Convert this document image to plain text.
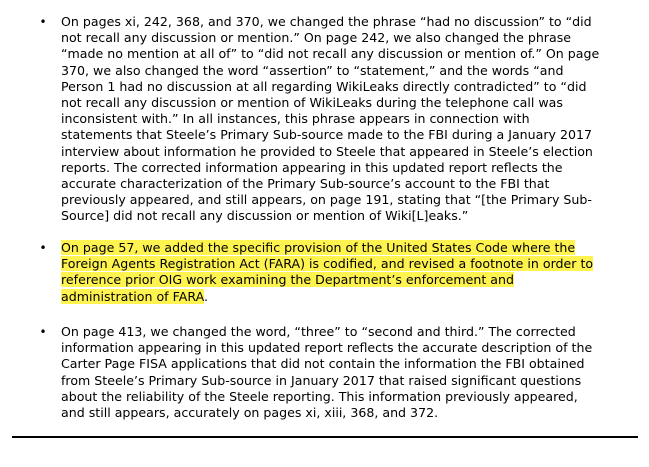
• On pages xi, 242, 368, and 370, we changed the phrase “had no discussion” to “did
not recall any discussion or mention.” On page 242, we also changed the phrase
“made no mention at all of” to “did not recall any discussion or mention of.” On page
370, we also changed the word “assertion” to “statement,” and the words “and
Person 1 had no discussion at all regarding WikiLeaks directly contradicted” to “did
not recall any discussion or mention of WikiLeaks during the telephone call was
inconsistent with.” In all instances, this phrase appears in connection with
statements that Steele’s Primary Sub-source made to the FBI during a January 2017
interview about information he provided to Steele that appeared in Steele’s election
reports. The corrected information appearing in this updated report reflects the
accurate characterization of the Primary Sub-source’s account to the FBI that
previously appeared, and still appears, on page 191, stating that “[the Primary Sub-
Source] did not recall any discussion or mention of Wiki[L]eaks.”
• On page 57, we added the specific provision of the United States Code where the
Foreign Agents Registration Act (FARA) is codified, and revised a footnote in order to
reference prior OIG work examining the Department’s enforcement and
administration of FARA.
• On page 413, we changed the word, “three” to “second and third.” The corrected
information appearing in this updated report reflects the accurate description of the
Carter Page FISA applications that did not contain the information the FBI obtained
from Steele’s Primary Sub-source in January 2017 that raised significant questions
about the reliability of the Steele reporting. This information previously appeared,
and still appears, accurately on pages xi, xiii, 368, and 372.
